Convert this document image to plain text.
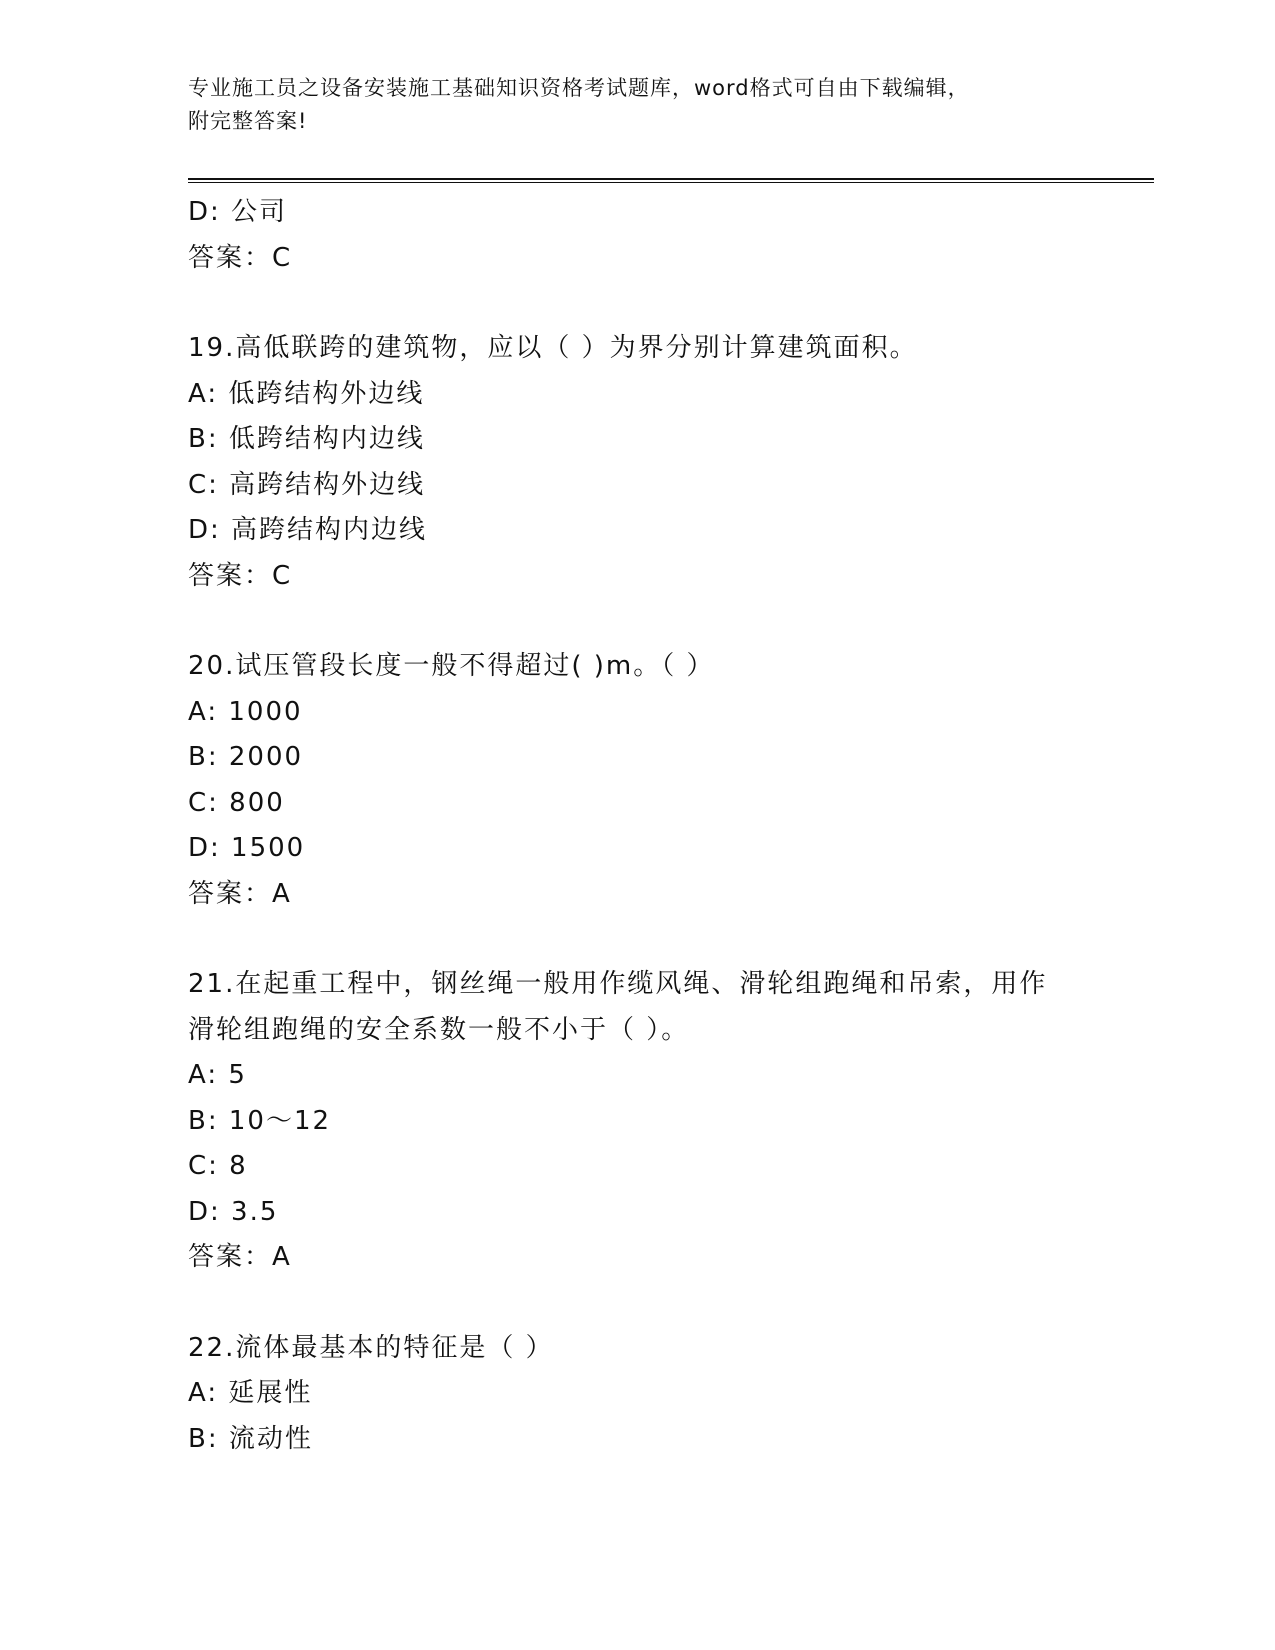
专业施工员之设备安装施工基础知识资格考试题库，word格式可自由下载编辑，
附完整答案!
D: 公司
答案：C
19.高低联跨的建筑物，应以（ ）为界分别计算建筑面积。
A: 低跨结构外边线
B: 低跨结构内边线
C: 高跨结构外边线
D: 高跨结构内边线
答案：C
20.试压管段长度一般不得超过( )m。（ ）
A: 1000
B: 2000
C: 800
D: 1500
答案：A
21.在起重工程中，钢丝绳一般用作缆风绳、滑轮组跑绳和吊索，用作
滑轮组跑绳的安全系数一般不小于（ ）。
A: 5
B: 10～12
C: 8
D: 3.5
答案：A
22.流体最基本的特征是（ ）
A: 延展性
B: 流动性
